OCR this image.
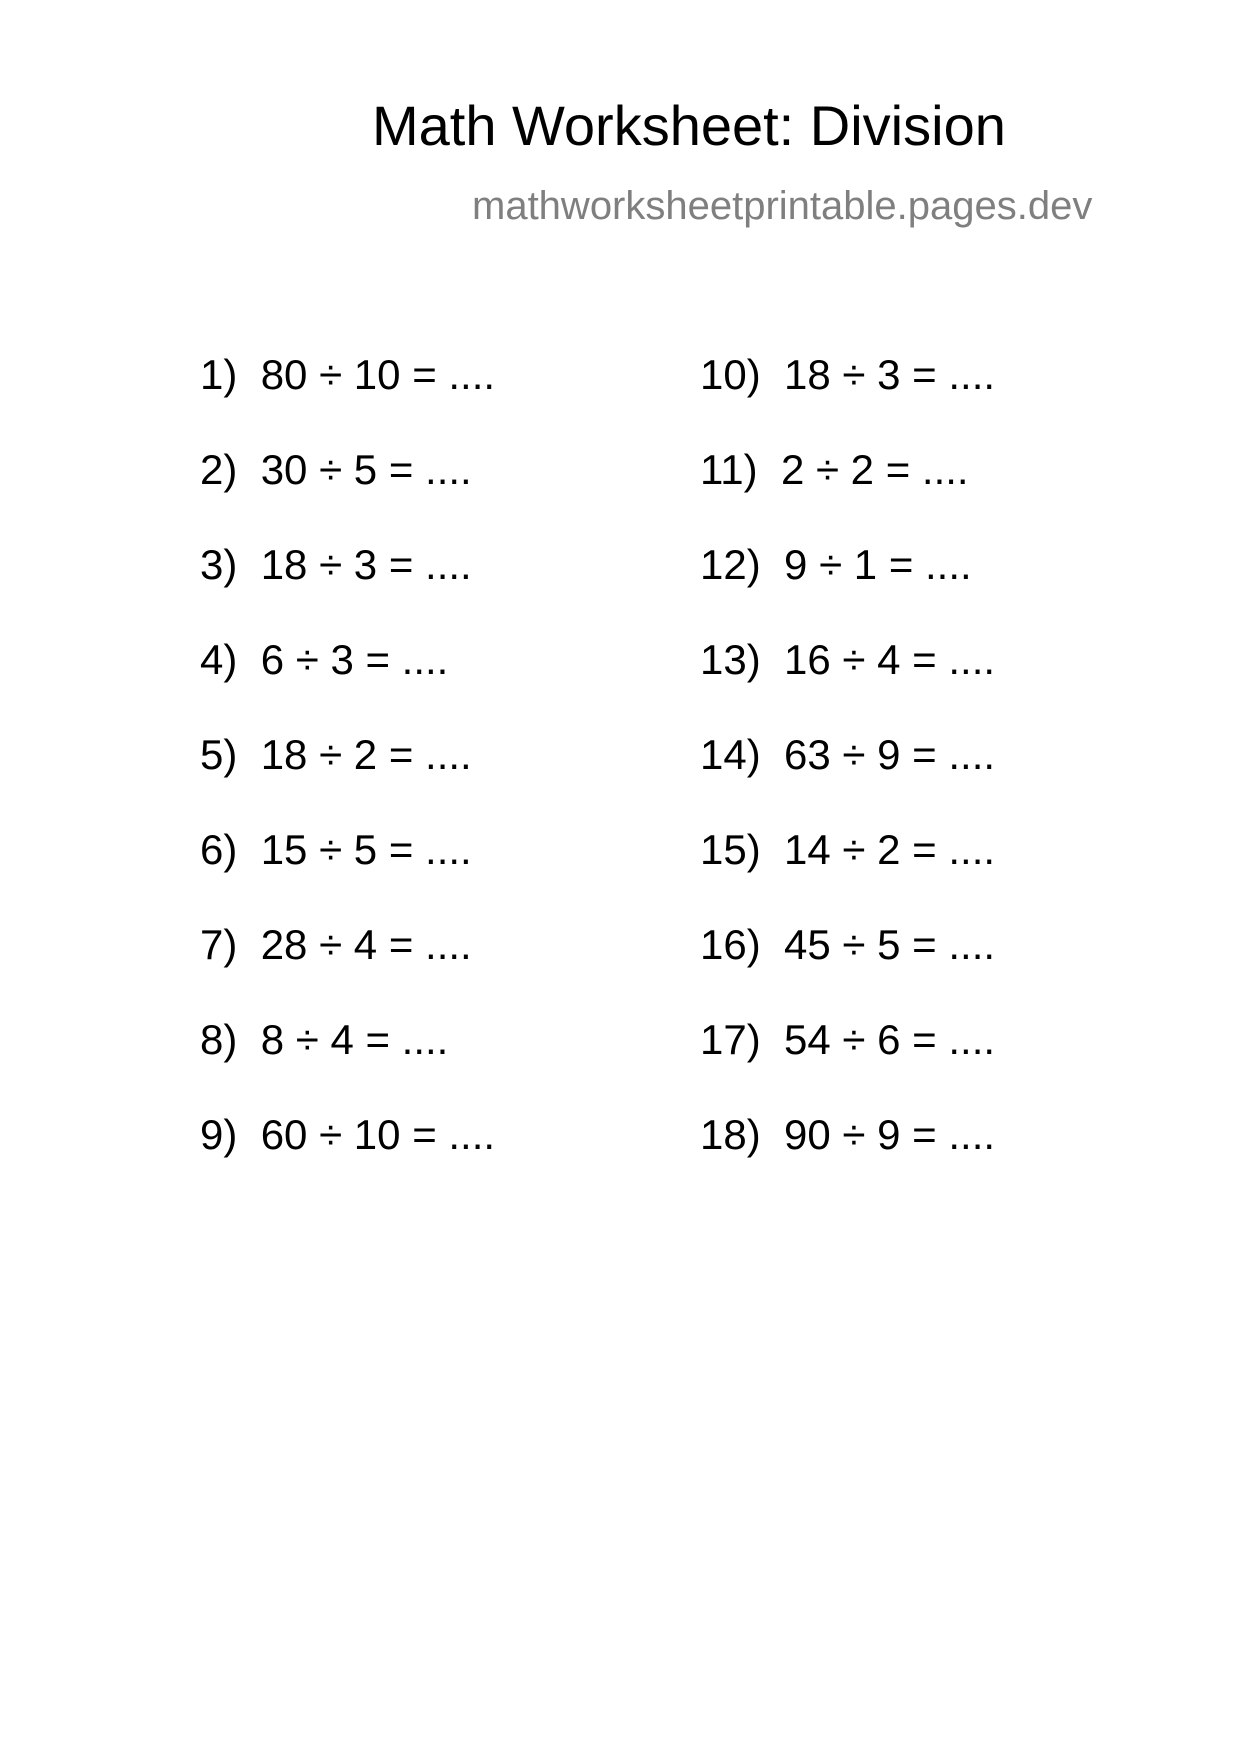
Math Worksheet: Division
mathworksheetprintable.pages.dev
1) 80 ÷ 10 = ....
2) 30 ÷ 5 = ....
3) 18 ÷ 3 = ....
4) 6 ÷ 3 = ....
5) 18 ÷ 2 = ....
6) 15 ÷ 5 = ....
7) 28 ÷ 4 = ....
8) 8 ÷ 4 = ....
9) 60 ÷ 10 = ....
10) 18 ÷ 3 = ....
11) 2 ÷ 2 = ....
12) 9 ÷ 1 = ....
13) 16 ÷ 4 = ....
14) 63 ÷ 9 = ....
15) 14 ÷ 2 = ....
16) 45 ÷ 5 = ....
17) 54 ÷ 6 = ....
18) 90 ÷ 9 = ....
